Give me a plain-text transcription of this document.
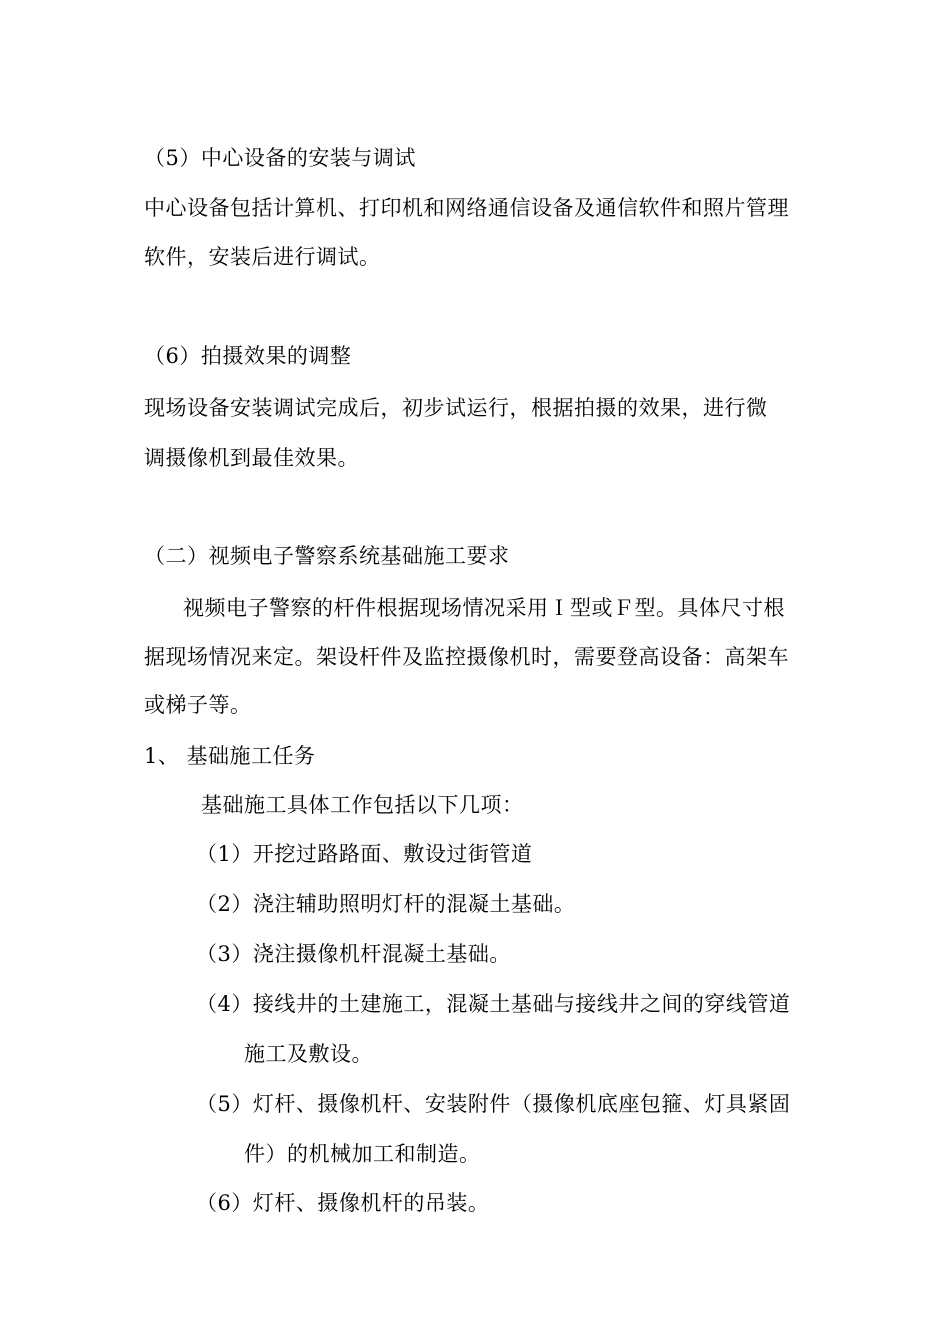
（5）中心设备的安装与调试
中心设备包括计算机、打印机和网络通信设备及通信软件和照片管理
软件，安装后进行调试。
（6）拍摄效果的调整
现场设备安装调试完成后，初步试运行，根据拍摄的效果，进行微
调摄像机到最佳效果。
（二）视频电子警察系统基础施工要求
视频电子警察的杆件根据现场情况采用Ｉ型或Ｆ型。具体尺寸根
据现场情况来定。架设杆件及监控摄像机时，需要登高设备：高架车
或梯子等。
1、 基础施工任务
基础施工具体工作包括以下几项：
（1）开挖过路路面、敷设过街管道
（2）浇注辅助照明灯杆的混凝土基础。
（3）浇注摄像机杆混凝土基础。
（4）接线井的土建施工，混凝土基础与接线井之间的穿线管道
施工及敷设。
（5）灯杆、摄像机杆、安装附件（摄像机底座包箍、灯具紧固
件）的机械加工和制造。
（6）灯杆、摄像机杆的吊装。
